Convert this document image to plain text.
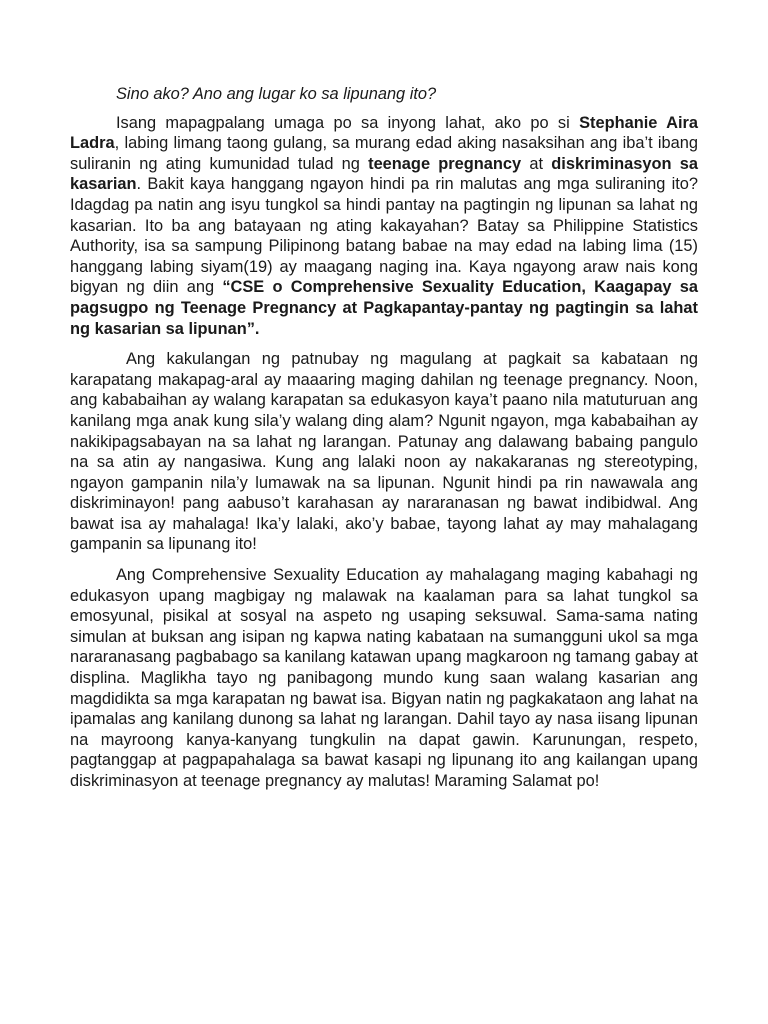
Sino ako? Ano ang lugar ko sa lipunang ito?

Isang mapagpalang umaga po sa inyong lahat, ako po si Stephanie Aira Ladra, labing limang taong gulang, sa murang edad aking nasaksihan ang iba’t ibang suliranin ng ating kumunidad tulad ng teenage pregnancy at diskriminasyon sa kasarian. Bakit kaya hanggang ngayon hindi pa rin malutas ang mga suliraning ito? Idagdag pa natin ang isyu tungkol sa hindi pantay na pagtingin ng lipunan sa lahat ng kasarian. Ito ba ang batayaan ng ating kakayahan? Batay sa Philippine Statistics Authority, isa sa sampung Pilipinong batang babae na may edad na labing lima (15) hanggang labing siyam(19) ay maagang naging ina. Kaya ngayong araw nais kong bigyan ng diin ang “CSE o Comprehensive Sexuality Education, Kaagapay sa pagsugpo ng Teenage Pregnancy at Pagkapantay-pantay ng pagtingin sa lahat ng kasarian sa lipunan”.

Ang kakulangan ng patnubay ng magulang at pagkait sa kabataan ng karapatang makapag-aral ay maaaring maging dahilan ng teenage pregnancy. Noon, ang kababaihan ay walang karapatan sa edukasyon kaya’t paano nila matuturuan ang kanilang mga anak kung sila’y walang ding alam? Ngunit ngayon, mga kababaihan ay nakikipagsabayan na sa lahat ng larangan. Patunay ang dalawang babaing pangulo na sa atin ay nangasiwa. Kung ang lalaki noon ay nakakaranas ng stereotyping, ngayon gampanin nila’y lumawak na sa lipunan. Ngunit hindi pa rin nawawala ang diskriminayon! pang aabuso’t karahasan ay nararanasan ng bawat indibidwal. Ang bawat isa ay mahalaga! Ika’y lalaki, ako’y babae, tayong lahat ay may mahalagang gampanin sa lipunang ito!

Ang Comprehensive Sexuality Education ay mahalagang maging kabahagi ng edukasyon upang magbigay ng malawak na kaalaman para sa lahat tungkol sa emosyunal, pisikal at sosyal na aspeto ng usaping seksuwal. Sama-sama nating simulan at buksan ang isipan ng kapwa nating kabataan na sumangguni ukol sa mga nararanasang pagbabago sa kanilang katawan upang magkaroon ng tamang gabay at displina. Maglikha tayo ng panibagong mundo kung saan walang kasarian ang magdidikta sa mga karapatan ng bawat isa. Bigyan natin ng pagkakataon ang lahat na ipamalas ang kanilang dunong sa lahat ng larangan. Dahil tayo ay nasa iisang lipunan na mayroong kanya-kanyang tungkulin na dapat gawin. Karunungan, respeto, pagtanggap at pagpapahalaga sa bawat kasapi ng lipunang ito ang kailangan upang diskriminasyon at teenage pregnancy ay malutas! Maraming Salamat po!
